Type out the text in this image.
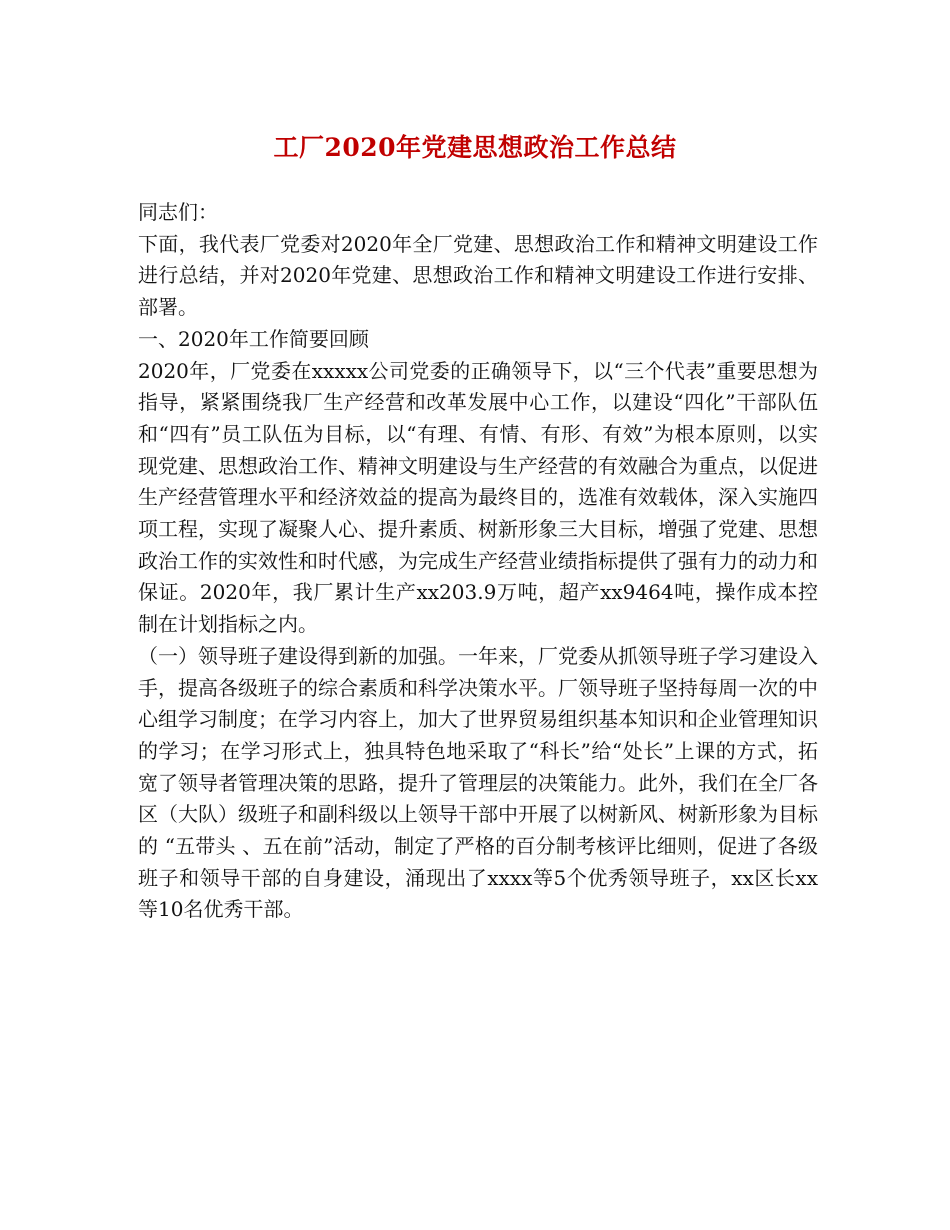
工厂2020年党建思想政治工作总结

同志们：

下面，我代表厂党委对2020年全厂党建、思想政治工作和精神文明建设工作进行总结，并对2020年党建、思想政治工作和精神文明建设工作进行安排、部署。

一、2020年工作简要回顾

2020年，厂党委在xxxxx公司党委的正确领导下，以“三个代表”重要思想为指导，紧紧围绕我厂生产经营和改革发展中心工作，以建设“四化”干部队伍和“四有”员工队伍为目标，以“有理、有情、有形、有效”为根本原则，以实现党建、思想政治工作、精神文明建设与生产经营的有效融合为重点，以促进生产经营管理水平和经济效益的提高为最终目的，选准有效载体，深入实施四项工程，实现了凝聚人心、提升素质、树新形象三大目标，增强了党建、思想政治工作的实效性和时代感，为完成生产经营业绩指标提供了强有力的动力和保证。2020年，我厂累计生产xx203.9万吨，超产xx9464吨，操作成本控制在计划指标之内。

（一）领导班子建设得到新的加强。一年来，厂党委从抓领导班子学习建设入手，提高各级班子的综合素质和科学决策水平。厂领导班子坚持每周一次的中心组学习制度；在学习内容上，加大了世界贸易组织基本知识和企业管理知识的学习；在学习形式上，独具特色地采取了“科长”给“处长”上课的方式，拓宽了领导者管理决策的思路，提升了管理层的决策能力。此外，我们在全厂各区（大队）级班子和副科级以上领导干部中开展了以树新风、树新形象为目标的 “五带头 、五在前”活动，制定了严格的百分制考核评比细则，促进了各级班子和领导干部的自身建设，涌现出了xxxx等5个优秀领导班子，xx区长xx等10名优秀干部。
